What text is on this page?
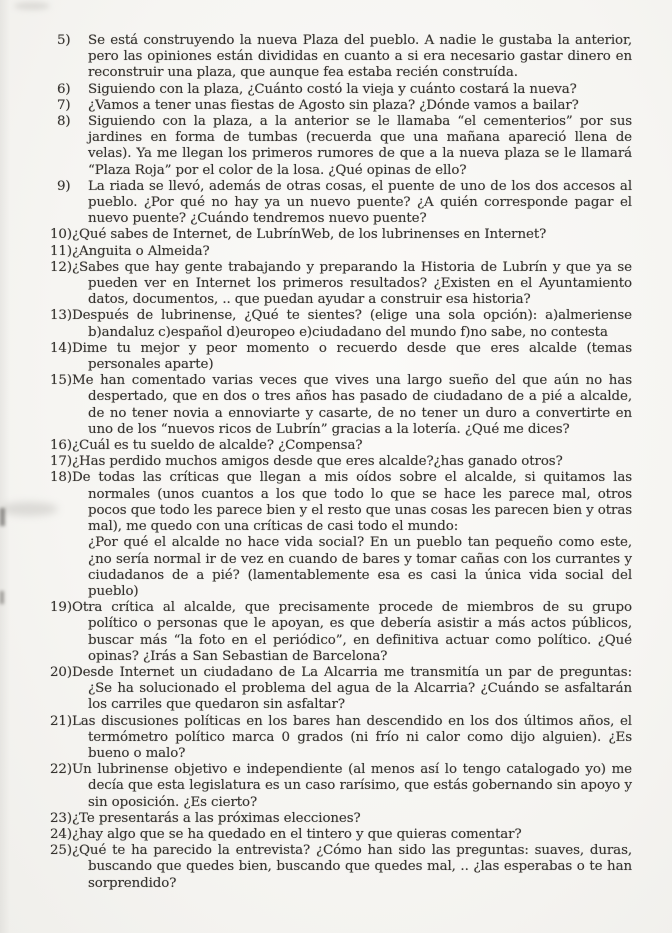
5) Se está construyendo la nueva Plaza del pueblo. A nadie le gustaba la anterior, pero las opiniones están divididas en cuanto a si era necesario gastar dinero en reconstruir una plaza, que aunque fea estaba recién construída.

6) Siguiendo con la plaza, ¿Cuánto costó la vieja y cuánto costará la nueva?

7) ¿Vamos a tener unas fiestas de Agosto sin plaza? ¿Dónde vamos a bailar?

8) Siguiendo con la plaza, a la anterior se le llamaba “el cementerios” por sus jardines en forma de tumbas (recuerda que una mañana apareció llena de velas). Ya me llegan los primeros rumores de que a la nueva plaza se le llamará “Plaza Roja” por el color de la losa. ¿Qué opinas de ello?

9) La riada se llevó, además de otras cosas, el puente de uno de los dos accesos al pueblo. ¿Por qué no hay ya un nuevo puente? ¿A quién corresponde pagar el nuevo puente? ¿Cuándo tendremos nuevo puente?

10)¿Qué sabes de Internet, de LubrínWeb, de los lubrinenses en Internet?

11)¿Anguita o Almeida?

12)¿Sabes que hay gente trabajando y preparando la Historia de Lubrín y que ya se pueden ver en Internet los primeros resultados? ¿Existen en el Ayuntamiento datos, documentos, .. que puedan ayudar a construir esa historia?

13)Después de lubrinense, ¿Qué te sientes? (elige una sola opción): a)almeriense b)andaluz c)español d)europeo e)ciudadano del mundo f)no sabe, no contesta

14)Dime tu mejor y peor momento o recuerdo desde que eres alcalde (temas personales aparte)

15)Me han comentado varias veces que vives una largo sueño del que aún no has despertado, que en dos o tres años has pasado de ciudadano de a pié a alcalde, de no tener novia a ennoviarte y casarte, de no tener un duro a convertirte en uno de los “nuevos ricos de Lubrín” gracias a la lotería. ¿Qué me dices?

16)¿Cuál es tu sueldo de alcalde? ¿Compensa?

17)¿Has perdido muchos amigos desde que eres alcalde?¿has ganado otros?

18)De todas las críticas que llegan a mis oídos sobre el alcalde, si quitamos las normales (unos cuantos a los que todo lo que se hace les parece mal, otros pocos que todo les parece bien y el resto que unas cosas les parecen bien y otras mal), me quedo con una críticas de casi todo el mundo:

¿Por qué el alcalde no hace vida social? En un pueblo tan pequeño como este, ¿no sería normal ir de vez en cuando de bares y tomar cañas con los currantes y ciudadanos de a pié? (lamentablemente esa es casi la única vida social del pueblo)

19)Otra crítica al alcalde, que precisamente procede de miembros de su grupo político o personas que le apoyan, es que debería asistir a más actos públicos, buscar más “la foto en el periódico”, en definitiva actuar como político. ¿Qué opinas? ¿Irás a San Sebastian de Barcelona?

20)Desde Internet un ciudadano de La Alcarria me transmitía un par de preguntas: ¿Se ha solucionado el problema del agua de la Alcarria? ¿Cuándo se asfaltarán los carriles que quedaron sin asfaltar?

21)Las discusiones políticas en los bares han descendido en los dos últimos años, el termómetro político marca 0 grados (ni frío ni calor como dijo alguien). ¿Es bueno o malo?

22)Un lubrinense objetivo e independiente (al menos así lo tengo catalogado yo) me decía que esta legislatura es un caso rarísimo, que estás gobernando sin apoyo y sin oposición. ¿Es cierto?

23)¿Te presentarás a las próximas elecciones?

24)¿hay algo que se ha quedado en el tintero y que quieras comentar?

25)¿Qué te ha parecido la entrevista? ¿Cómo han sido las preguntas: suaves, duras, buscando que quedes bien, buscando que quedes mal, .. ¿las esperabas o te han sorprendido?
